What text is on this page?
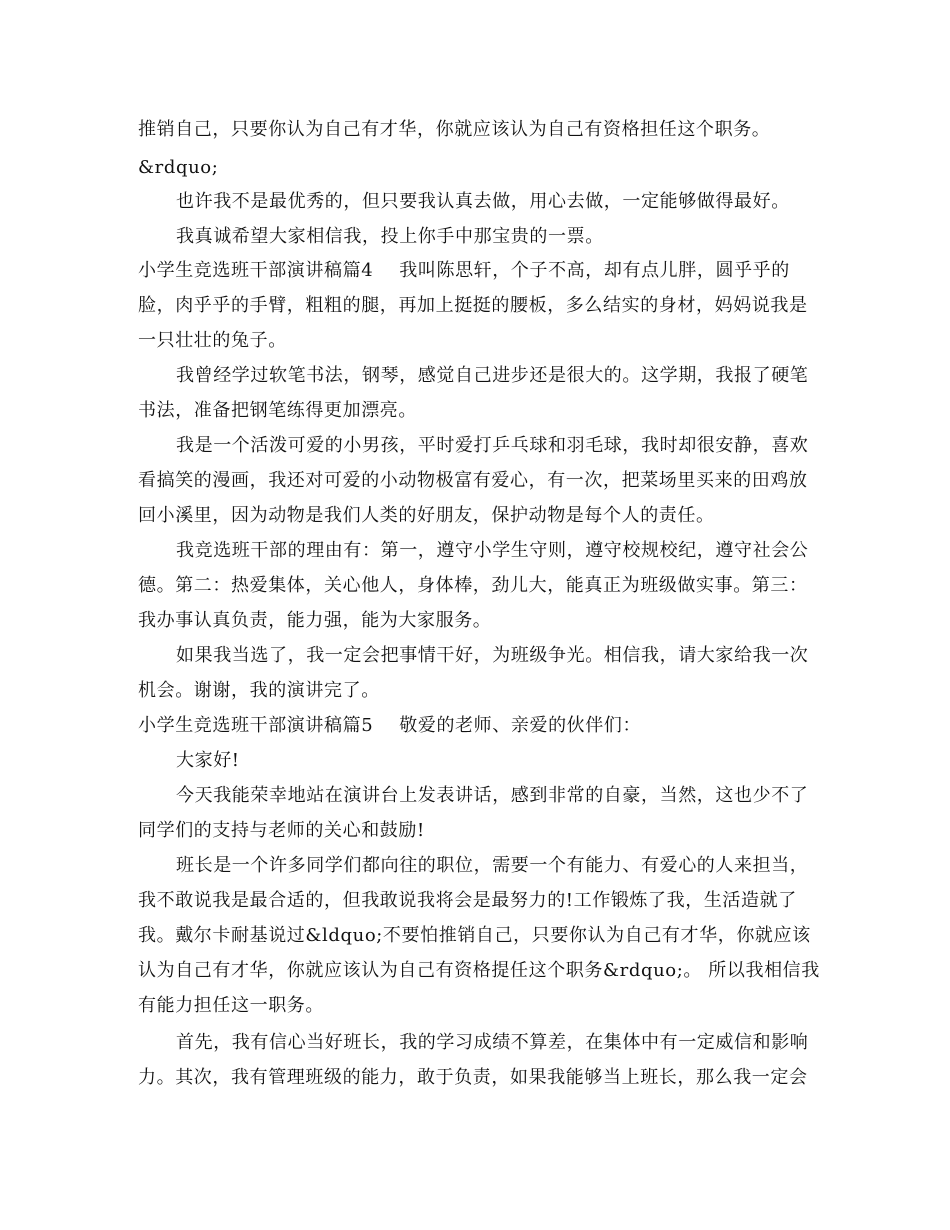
推销自己，只要你认为自己有才华，你就应该认为自己有资格担任这个职务。
&rdquo;
也许我不是最优秀的，但只要我认真去做，用心去做，一定能够做得最好。
我真诚希望大家相信我，投上你手中那宝贵的一票。
小学生竞选班干部演讲稿篇4 我叫陈思轩，个子不高，却有点儿胖，圆乎乎的
脸，肉乎乎的手臂，粗粗的腿，再加上挺挺的腰板，多么结实的身材，妈妈说我是
一只壮壮的兔子。
我曾经学过软笔书法，钢琴，感觉自己进步还是很大的。这学期，我报了硬笔
书法，准备把钢笔练得更加漂亮。
我是一个活泼可爱的小男孩，平时爱打乒乓球和羽毛球，我时却很安静，喜欢
看搞笑的漫画，我还对可爱的小动物极富有爱心，有一次，把菜场里买来的田鸡放
回小溪里，因为动物是我们人类的好朋友，保护动物是每个人的责任。
我竞选班干部的理由有：第一，遵守小学生守则，遵守校规校纪，遵守社会公
德。第二：热爱集体，关心他人，身体棒，劲儿大，能真正为班级做实事。第三：
我办事认真负责，能力强，能为大家服务。
如果我当选了，我一定会把事情干好，为班级争光。相信我，请大家给我一次
机会。谢谢，我的演讲完了。
小学生竞选班干部演讲稿篇5 敬爱的老师、亲爱的伙伴们：
大家好!
今天我能荣幸地站在演讲台上发表讲话，感到非常的自豪，当然，这也少不了
同学们的支持与老师的关心和鼓励!
班长是一个许多同学们都向往的职位，需要一个有能力、有爱心的人来担当，
我不敢说我是最合适的，但我敢说我将会是最努力的!工作锻炼了我，生活造就了
我。戴尔卡耐基说过&ldquo;不要怕推销自己，只要你认为自己有才华，你就应该
认为自己有才华，你就应该认为自己有资格提任这个职务&rdquo;。 所以我相信我
有能力担任这一职务。
首先，我有信心当好班长，我的学习成绩不算差，在集体中有一定威信和影响
力。其次，我有管理班级的能力，敢于负责，如果我能够当上班长，那么我一定会
